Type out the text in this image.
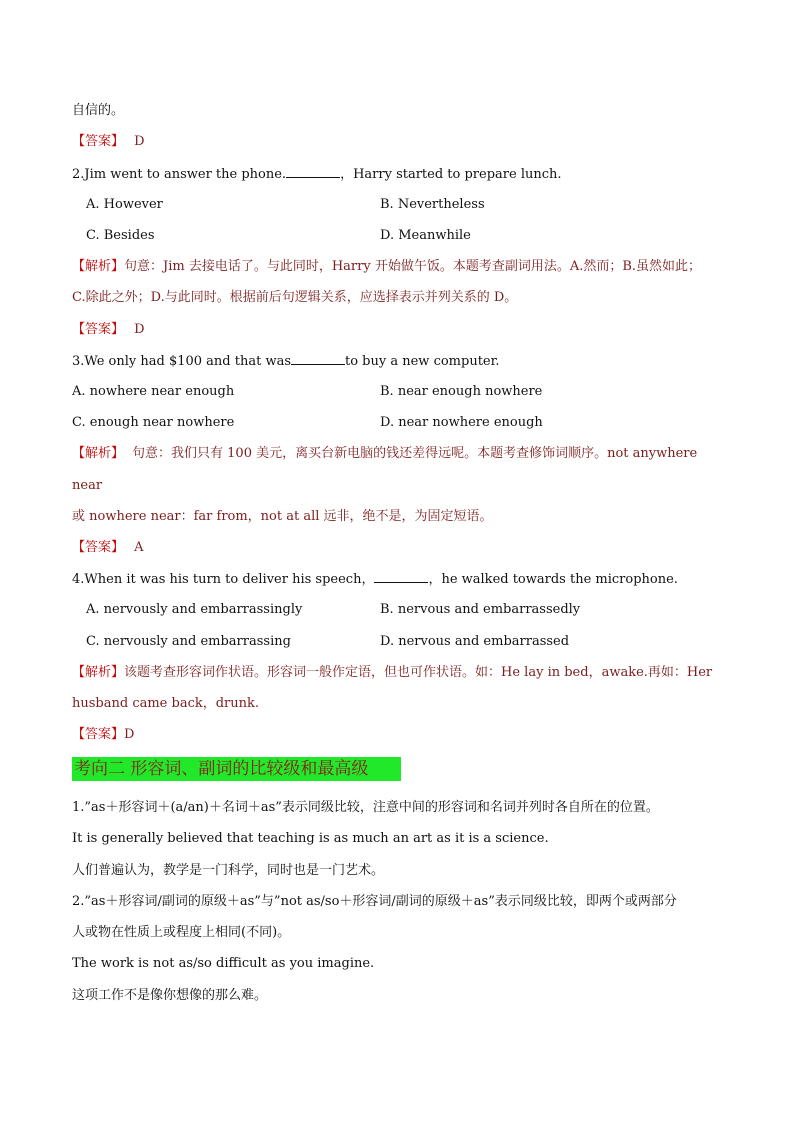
自信的。
【答案】 D
2.Jim went to answer the phone.	，Harry started to prepare lunch.
A. However	B. Nevertheless
C. Besides	D. Meanwhile
【解析】句意：Jim 去接电话了。与此同时，Harry 开始做午饭。本题考查副词用法。A.然而；B.虽然如此；
C.除此之外；D.与此同时。根据前后句逻辑关系，应选择表示并列关系的 D。
【答案】 D
3.We only had $100 and that was	to buy a new computer.
A. nowhere near enough	B. near enough nowhere
C. enough near nowhere	D. near nowhere enough
【解析】 句意：我们只有 100 美元，离买台新电脑的钱还差得远呢。本题考查修饰词顺序。not anywhere
near
或 nowhere near：far from，not at all 远非，绝不是，为固定短语。
【答案】 A
4.When it was his turn to deliver his speech，	，he walked towards the microphone.
A. nervously and embarrassingly	B. nervous and embarrassedly
C. nervously and embarrassing	D. nervous and embarrassed
【解析】该题考查形容词作状语。形容词一般作定语，但也可作状语。如：He lay in bed，awake.再如：Her
husband came back，drunk.
【答案】D
考向二 形容词、副词的比较级和最高级
1.”as＋形容词＋(a/an)＋名词＋as”表示同级比较，注意中间的形容词和名词并列时各自所在的位置。
It is generally believed that teaching is as much an art as it is a science.
人们普遍认为，教学是一门科学，同时也是一门艺术。
2.”as＋形容词/副词的原级＋as”与”not as/so＋形容词/副词的原级＋as”表示同级比较，即两个或两部分
人或物在性质上或程度上相同(不同)。
The work is not as/so difficult as you imagine.
这项工作不是像你想像的那么难。
